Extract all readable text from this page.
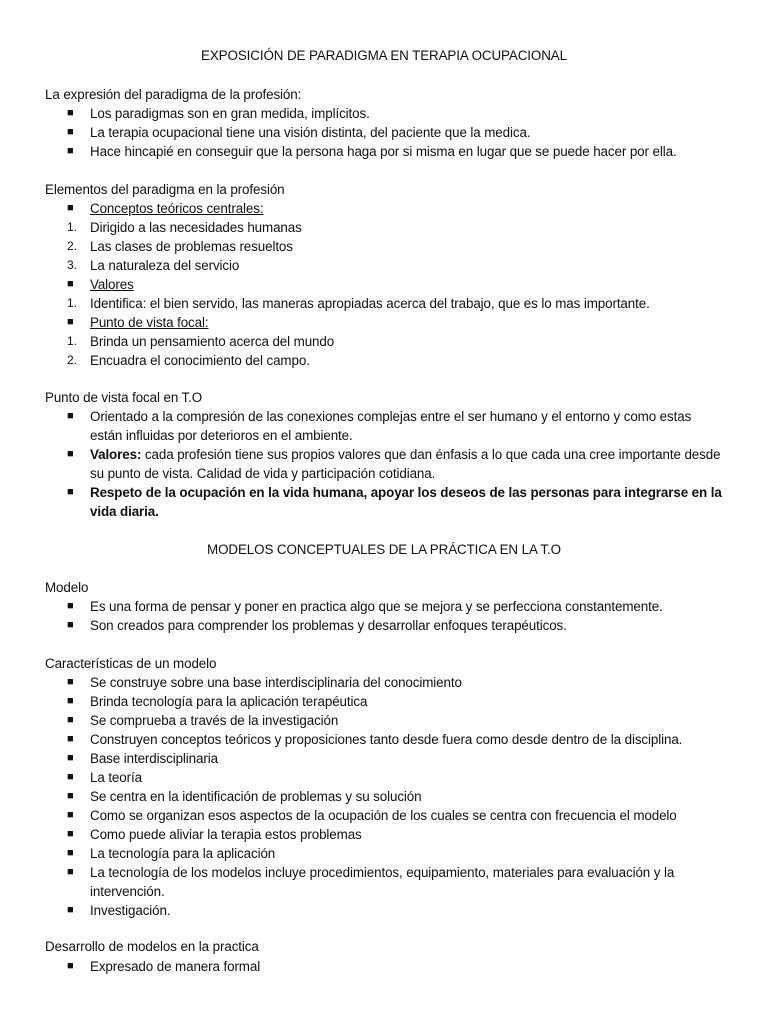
EXPOSICIÓN DE PARADIGMA EN TERAPIA OCUPACIONAL
La expresión del paradigma de la profesión:
■	Los paradigmas son en gran medida, implícitos.
■	La terapia ocupacional tiene una visión distinta, del paciente que la medica.
■	Hace hincapié en conseguir que la persona haga por si misma en lugar que se puede hacer por ella.
Elementos del paradigma en la profesión
■	Conceptos teóricos centrales:
1. Dirigido a las necesidades humanas
2. Las clases de problemas resueltos
3. La naturaleza del servicio
■	Valores
1. Identifica: el bien servido, las maneras apropiadas acerca del trabajo, que es lo mas importante.
■	Punto de vista focal:
1. Brinda un pensamiento acerca del mundo
2. Encuadra el conocimiento del campo.
Punto de vista focal en T.O
■	Orientado a la compresión de las conexiones complejas entre el ser humano y el entorno y como estas están influidas por deterioros en el ambiente.
■	Valores: cada profesión tiene sus propios valores que dan énfasis a lo que cada una cree importante desde su punto de vista. Calidad de vida y participación cotidiana.
■	Respeto de la ocupación en la vida humana, apoyar los deseos de las personas para integrarse en la vida diaria.
MODELOS CONCEPTUALES DE LA PRÁCTICA EN LA T.O
Modelo
■	Es una forma de pensar y poner en practica algo que se mejora y se perfecciona constantemente.
■	Son creados para comprender los problemas y desarrollar enfoques terapéuticos.
Características de un modelo
■	Se construye sobre una base interdisciplinaria del conocimiento
■	Brinda tecnología para la aplicación terapéutica
■	Se comprueba a través de la investigación
■	Construyen conceptos teóricos y proposiciones tanto desde fuera como desde dentro de la disciplina.
■	Base interdisciplinaria
■	La teoría
■	Se centra en la identificación de problemas y su solución
■	Como se organizan esos aspectos de la ocupación de los cuales se centra con frecuencia el modelo
■	Como puede aliviar la terapia estos problemas
■	La tecnología para la aplicación
■	La tecnología de los modelos incluye procedimientos, equipamiento, materiales para evaluación y la intervención.
■	Investigación.
Desarrollo de modelos en la practica
■	Expresado de manera formal
